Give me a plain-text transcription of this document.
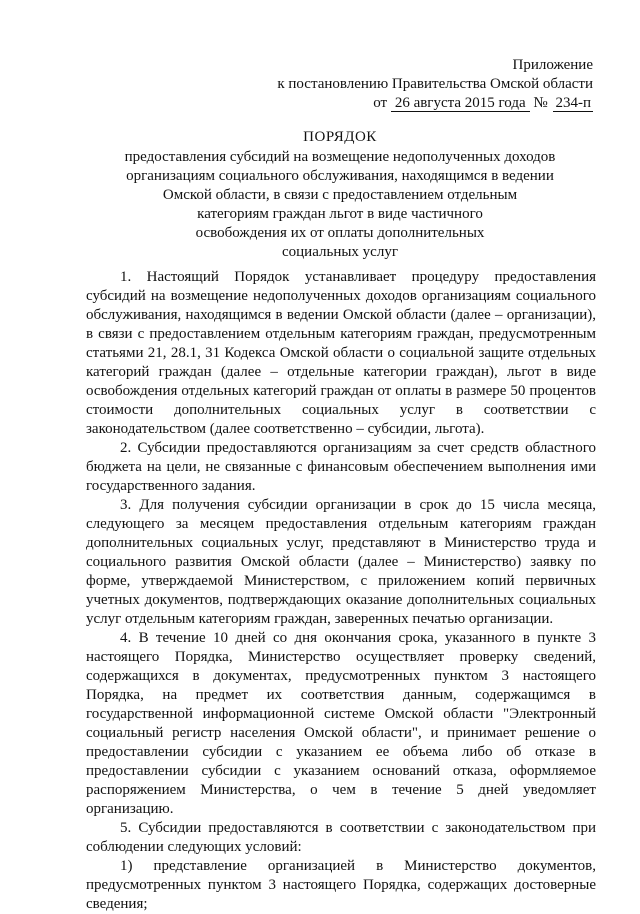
Приложение
к постановлению Правительства Омской области
от 26 августа 2015 года № 234-п
ПОРЯДОК
предоставления субсидий на возмещение недополученных доходов
организациям социального обслуживания, находящимся в ведении
Омской области, в связи с предоставлением отдельным
категориям граждан льгот в виде частичного
освобождения их от оплаты дополнительных
социальных услуг

1. Настоящий Порядок устанавливает процедуру предоставления субсидий на возмещение недополученных доходов организациям социального обслуживания, находящимся в ведении Омской области (далее – организации), в связи с предоставлением отдельным категориям граждан, предусмотренным статьями 21, 28.1, 31 Кодекса Омской области о социальной защите отдельных категорий граждан (далее – отдельные категории граждан), льгот в виде освобождения отдельных категорий граждан от оплаты в размере 50 процентов стоимости дополнительных социальных услуг в соответствии с законодательством (далее соответственно – субсидии, льгота).

2. Субсидии предоставляются организациям за счет средств областного бюджета на цели, не связанные с финансовым обеспечением выполнения ими государственного задания.

3. Для получения субсидии организации в срок до 15 числа месяца, следующего за месяцем предоставления отдельным категориям граждан дополнительных социальных услуг, представляют в Министерство труда и социального развития Омской области (далее – Министерство) заявку по форме, утверждаемой Министерством, с приложением копий первичных учетных документов, подтверждающих оказание дополнительных социальных услуг отдельным категориям граждан, заверенных печатью организации.

4. В течение 10 дней со дня окончания срока, указанного в пункте 3 настоящего Порядка, Министерство осуществляет проверку сведений, содержащихся в документах, предусмотренных пунктом 3 настоящего Порядка, на предмет их соответствия данным, содержащимся в государственной информационной системе Омской области "Электронный социальный регистр населения Омской области", и принимает решение о предоставлении субсидии с указанием ее объема либо об отказе в предоставлении субсидии с указанием оснований отказа, оформляемое распоряжением Министерства, о чем в течение 5 дней уведомляет организацию.

5. Субсидии предоставляются в соответствии с законодательством при соблюдении следующих условий:

1) представление организацией в Министерство документов, предусмотренных пунктом 3 настоящего Порядка, содержащих достоверные сведения;
